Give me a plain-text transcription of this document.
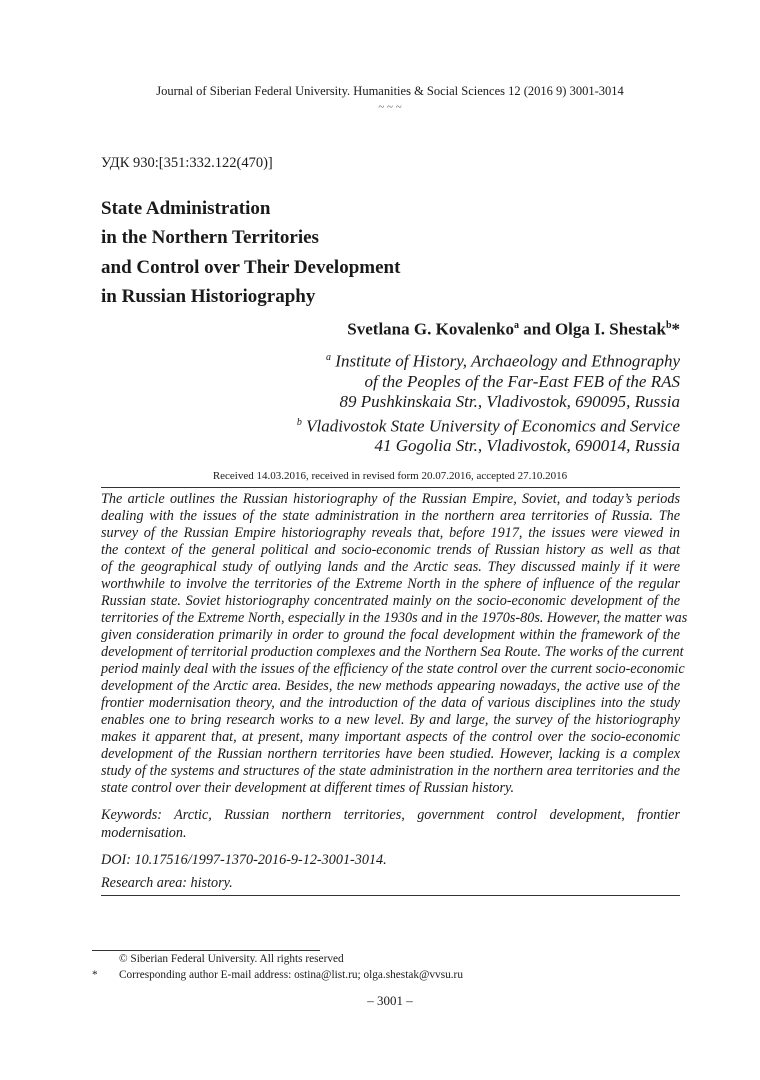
Journal of Siberian Federal University. Humanities & Social Sciences 12 (2016 9) 3001-3014
~ ~ ~
УДК 930:[351:332.122(470)]
State Administration
in the Northern Territories
and Control over Their Development
in Russian Historiography
Svetlana G. Kovalenko$^a$ and Olga I. Shestak$^b$*
$^a$ Institute of History, Archaeology and Ethnography
of the Peoples of the Far-East FEB of the RAS
89 Pushkinskaia Str., Vladivostok, 690095, Russia
$^b$ Vladivostok State University of Economics and Service
41 Gogolia Str., Vladivostok, 690014, Russia
Received 14.03.2016, received in revised form 20.07.2016, accepted 27.10.2016
The article outlines the Russian historiography of the Russian Empire, Soviet, and today’s periods
dealing with the issues of the state administration in the northern area territories of Russia. The
survey of the Russian Empire historiography reveals that, before 1917, the issues were viewed in
the context of the general political and socio-economic trends of Russian history as well as that
of the geographical study of outlying lands and the Arctic seas. They discussed mainly if it were
worthwhile to involve the territories of the Extreme North in the sphere of influence of the regular
Russian state. Soviet historiography concentrated mainly on the socio-economic development of the
territories of the Extreme North, especially in the 1930s and in the 1970s-80s. However, the matter was
given consideration primarily in order to ground the focal development within the framework of the
development of territorial production complexes and the Northern Sea Route. The works of the current
period mainly deal with the issues of the efficiency of the state control over the current socio-economic
development of the Arctic area. Besides, the new methods appearing nowadays, the active use of the
frontier modernisation theory, and the introduction of the data of various disciplines into the study
enables one to bring research works to a new level. By and large, the survey of the historiography
makes it apparent that, at present, many important aspects of the control over the socio-economic
development of the Russian northern territories have been studied. However, lacking is a complex
study of the systems and structures of the state administration in the northern area territories and the
state control over their development at different times of Russian history.
Keywords: Arctic, Russian northern territories, government control development, frontier modernisation.
DOI: 10.17516/1997-1370-2016-9-12-3001-3014.
Research area: history.
© Siberian Federal University. All rights reserved
* Corresponding author E-mail address: ostina@list.ru; olga.shestak@vvsu.ru
– 3001 –
